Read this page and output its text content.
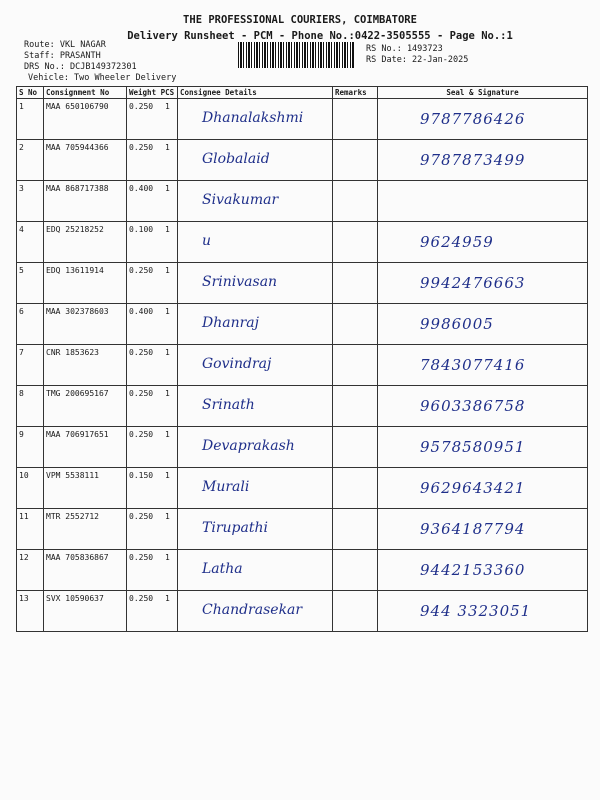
THE PROFESSIONAL COURIERS, COIMBATORE
Delivery Runsheet - PCM - Phone No.:0422-3505555 - Page No.:1
Route: VKL NAGAR
Staff: PRASANTH
DRS No.: DCJB149372301
Vehicle: Two Wheeler Delivery
RS No.: 1493723
RS Date: 22-Jan-2025
S No	Consignment No	Weight PCS	Consignee Details	Remarks	Seal & Signature
1	MAA 650106790	0.250 1	Dhanalakshmi		9787786426

2	MAA 705944366	0.250 1	Globalaid		9787873499

3	MAA 868717388	0.400 1	Sivakumar		

4	EDQ 25218252	0.100 1	u		9624959

5	EDQ 13611914	0.250 1	Srinivasan		9942476663

6	MAA 302378603	0.400 1	Dhanraj		9986005

7	CNR 1853623	0.250 1	Govindraj		7843077416

8	TMG 200695167	0.250 1	Srinath		9603386758

9	MAA 706917651	0.250 1	Devaprakash		9578580951

10	VPM 5538111	0.150 1	Murali		9629643421

11	MTR 2552712	0.250 1	Tirupathi		9364187794

12	MAA 705836867	0.250 1	Latha		9442153360

13	SVX 10590637	0.250 1	Chandrasekar		944 3323051
